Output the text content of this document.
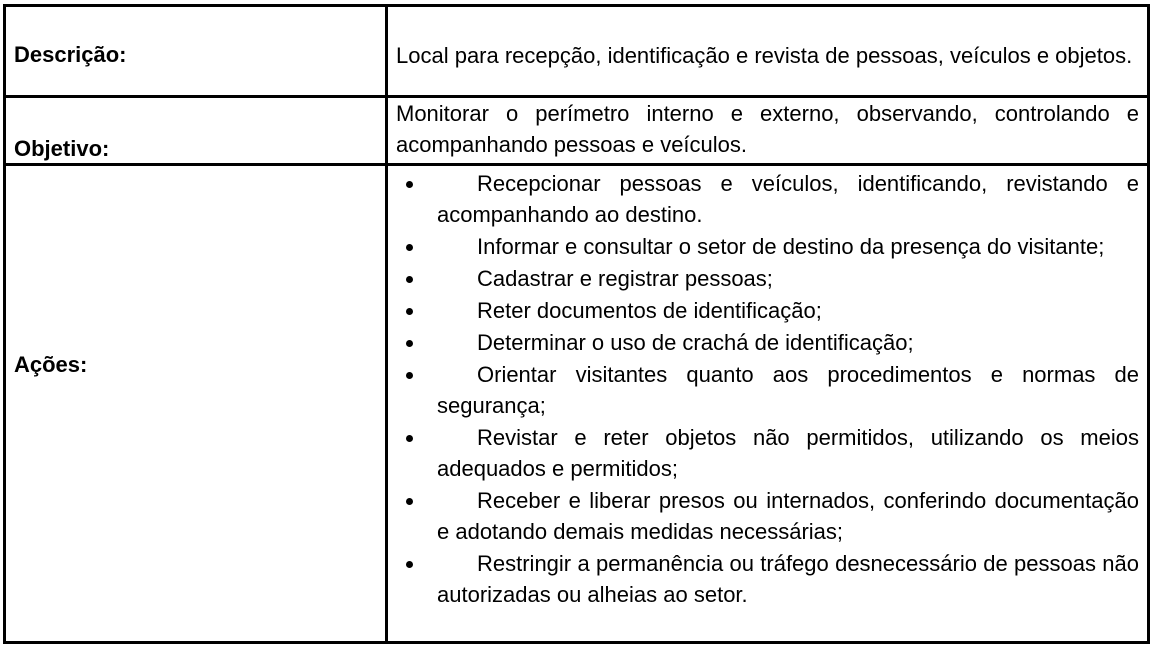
Descrição:	Local para recepção, identificação e revista de pessoas, veículos e objetos.
Objetivo:
Monitorar o perímetro interno e externo, observando, controlando e acompanhando pessoas e veículos.
Ações:
Recepcionar pessoas e veículos, identificando, revistando e acompanhando ao destino.
Informar e consultar o setor de destino da presença do visitante;
Cadastrar e registrar pessoas;
Reter documentos de identificação;
Determinar o uso de crachá de identificação;
Orientar visitantes quanto aos procedimentos e normas de segurança;
Revistar e reter objetos não permitidos, utilizando os meios adequados e permitidos;
Receber e liberar presos ou internados, conferindo documentação e adotando demais medidas necessárias;
Restringir a permanência ou tráfego desnecessário de pessoas não autorizadas ou alheias ao setor.
